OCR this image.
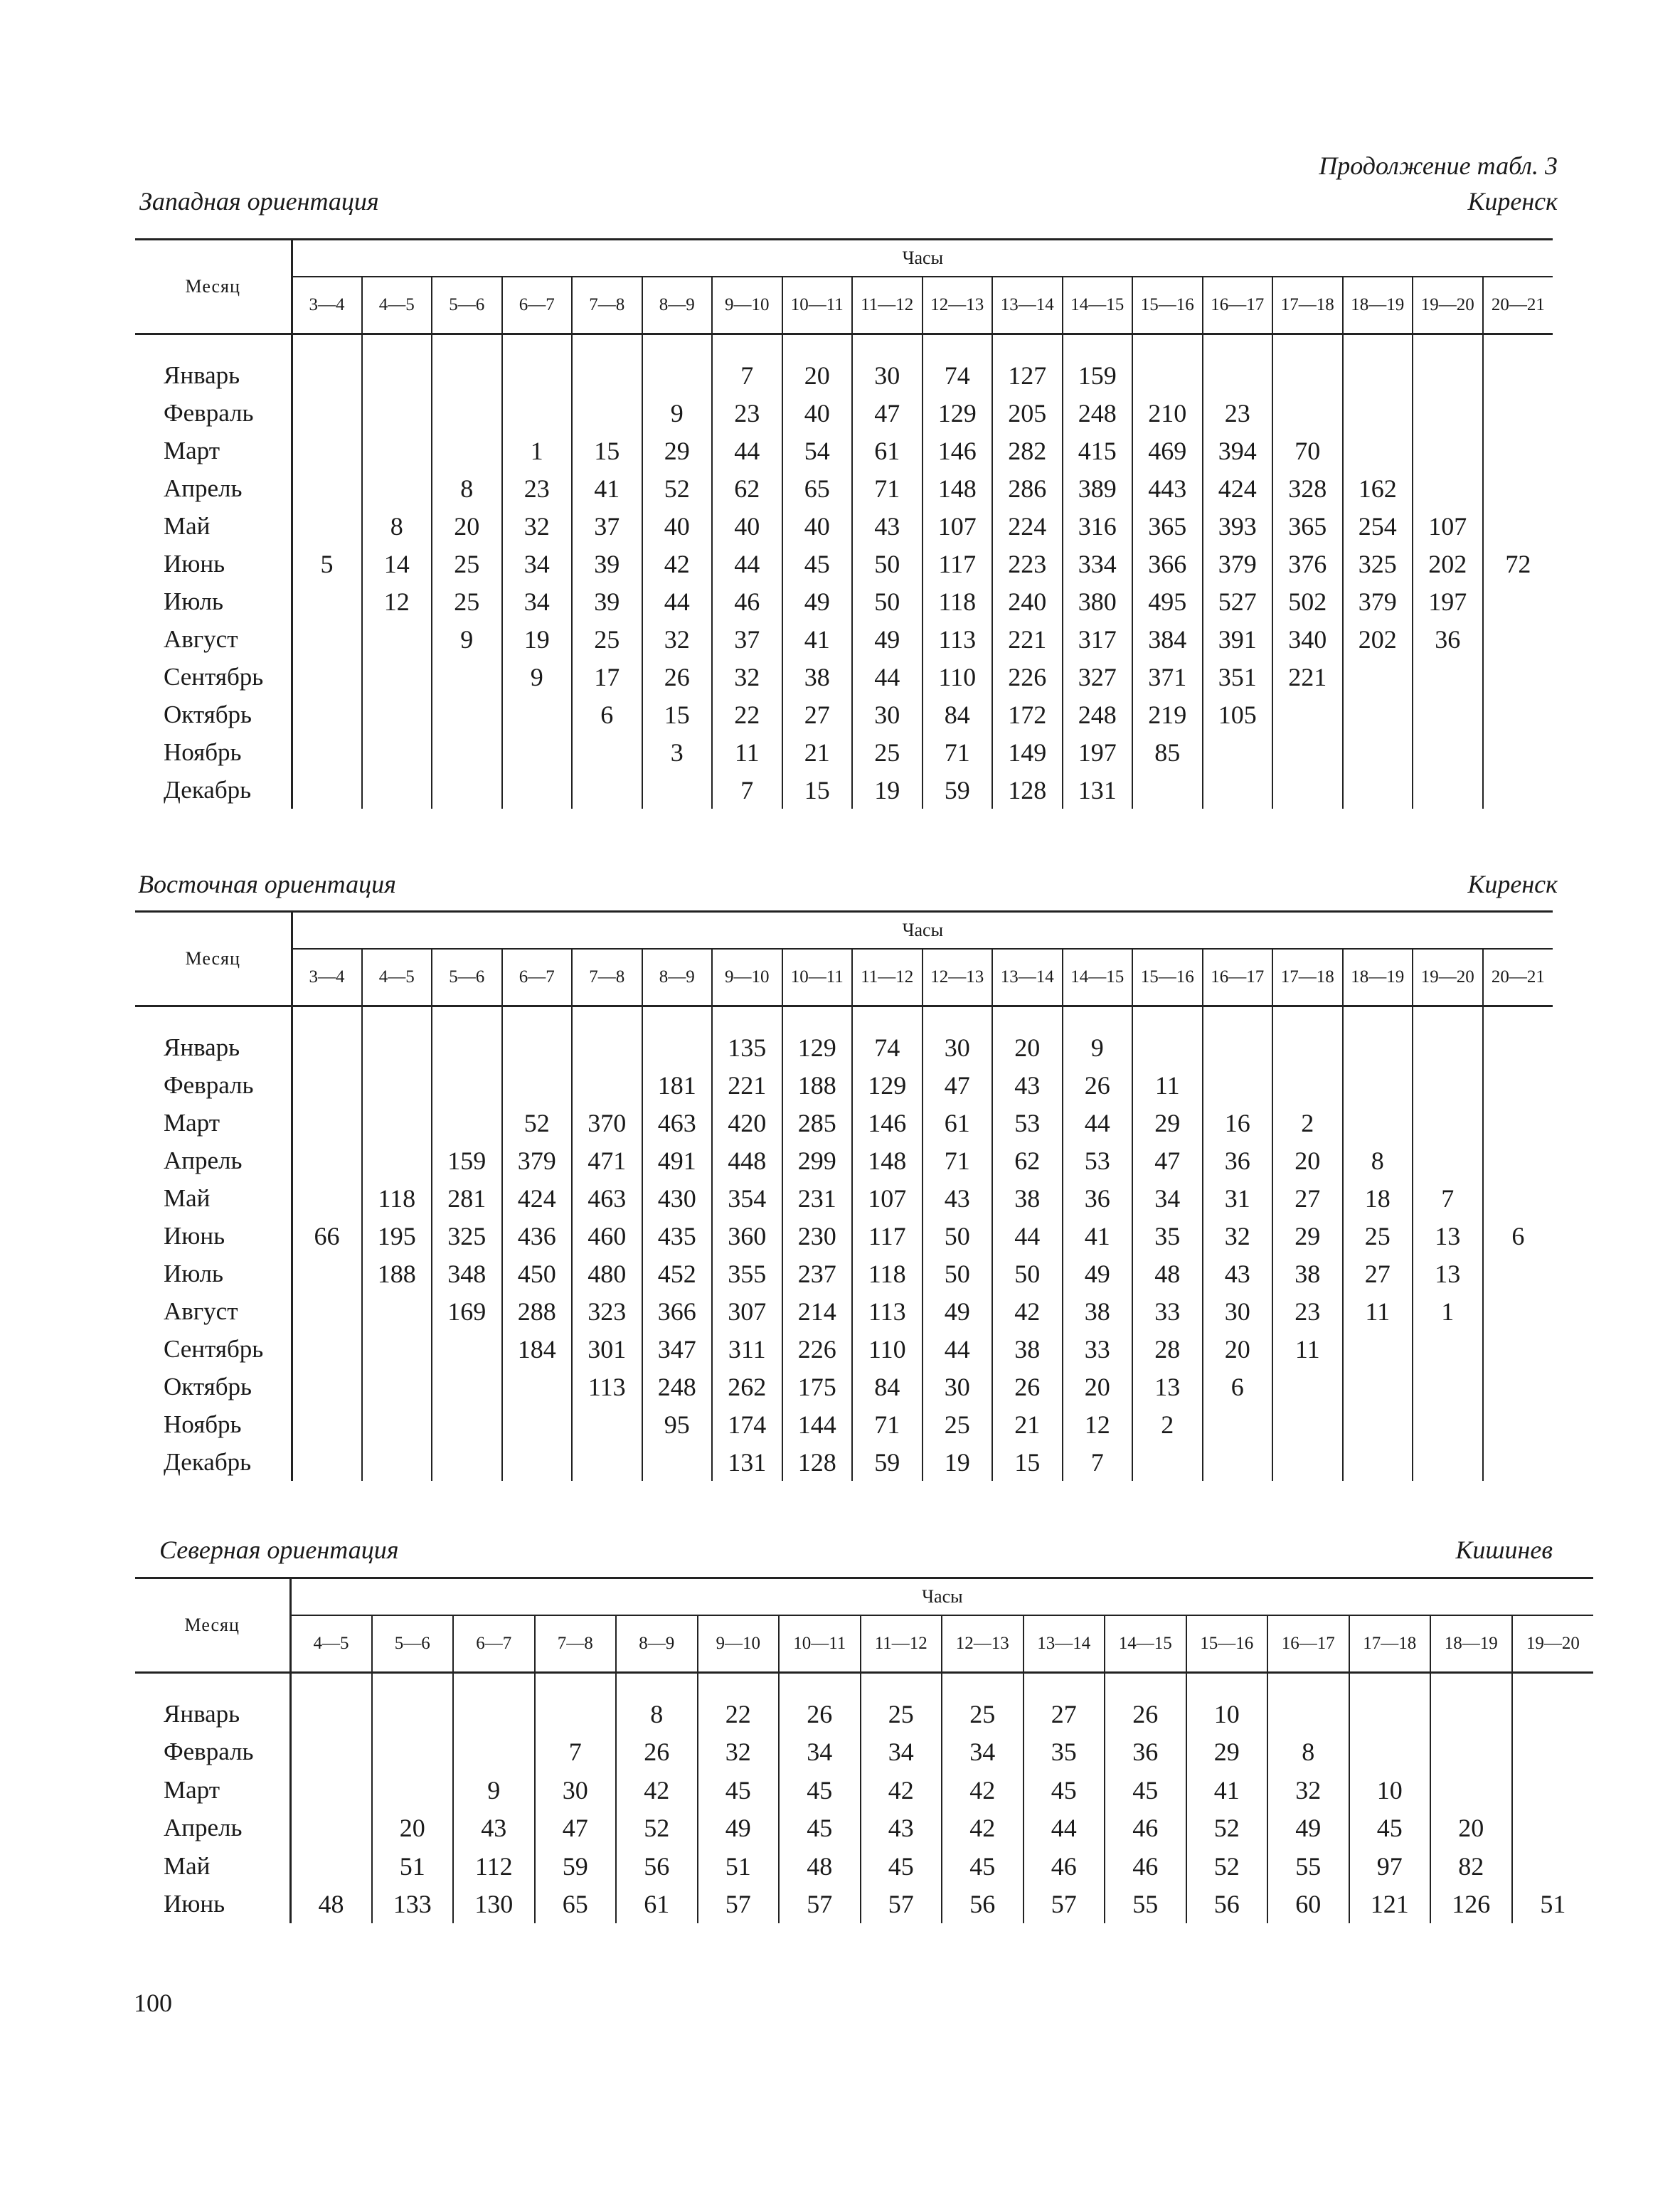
Продолжение табл. 3
Западная ориентация	Киренск
Месяц	Часы																	
	3—4	4—5	5—6	6—7	7—8	8—9	9—10	10—11	11—12	12—13	13—14	14—15	15—16	16—17	17—18	18—19	19—20	20—21

Январь							7	20	30	74	127	159						
Февраль						9	23	40	47	129	205	248	210	23				
Март				1	15	29	44	54	61	146	282	415	469	394	70			
Апрель			8	23	41	52	62	65	71	148	286	389	443	424	328	162		
Май		8	20	32	37	40	40	40	43	107	224	316	365	393	365	254	107	
Июнь	5	14	25	34	39	42	44	45	50	117	223	334	366	379	376	325	202	72
Июль		12	25	34	39	44	46	49	50	118	240	380	495	527	502	379	197	
Август			9	19	25	32	37	41	49	113	221	317	384	391	340	202	36	
Сентябрь				9	17	26	32	38	44	110	226	327	371	351	221			
Октябрь					6	15	22	27	30	84	172	248	219	105				
Ноябрь						3	11	21	25	71	149	197	85					
Декабрь							7	15	19	59	128	131						
Восточная ориентация	Киренск
Месяц	Часы																	
	3—4	4—5	5—6	6—7	7—8	8—9	9—10	10—11	11—12	12—13	13—14	14—15	15—16	16—17	17—18	18—19	19—20	20—21

Январь							135	129	74	30	20	9						
Февраль						181	221	188	129	47	43	26	11					
Март				52	370	463	420	285	146	61	53	44	29	16	2			
Апрель			159	379	471	491	448	299	148	71	62	53	47	36	20	8		
Май		118	281	424	463	430	354	231	107	43	38	36	34	31	27	18	7	
Июнь	66	195	325	436	460	435	360	230	117	50	44	41	35	32	29	25	13	6
Июль		188	348	450	480	452	355	237	118	50	50	49	48	43	38	27	13	
Август			169	288	323	366	307	214	113	49	42	38	33	30	23	11	1	
Сентябрь				184	301	347	311	226	110	44	38	33	28	20	11			
Октябрь					113	248	262	175	84	30	26	20	13	6				
Ноябрь						95	174	144	71	25	21	12	2					
Декабрь							131	128	59	19	15	7						
Северная ориентация	Кишинев
Месяц	Часы															
	4—5	5—6	6—7	7—8	8—9	9—10	10—11	11—12	12—13	13—14	14—15	15—16	16—17	17—18	18—19	19—20

Январь					8	22	26	25	25	27	26	10				
Февраль				7	26	32	34	34	34	35	36	29	8			
Март			9	30	42	45	45	42	42	45	45	41	32	10		
Апрель		20	43	47	52	49	45	43	42	44	46	52	49	45	20	
Май		51	112	59	56	51	48	45	45	46	46	52	55	97	82	
Июнь	48	133	130	65	61	57	57	57	56	57	55	56	60	121	126	51
100
